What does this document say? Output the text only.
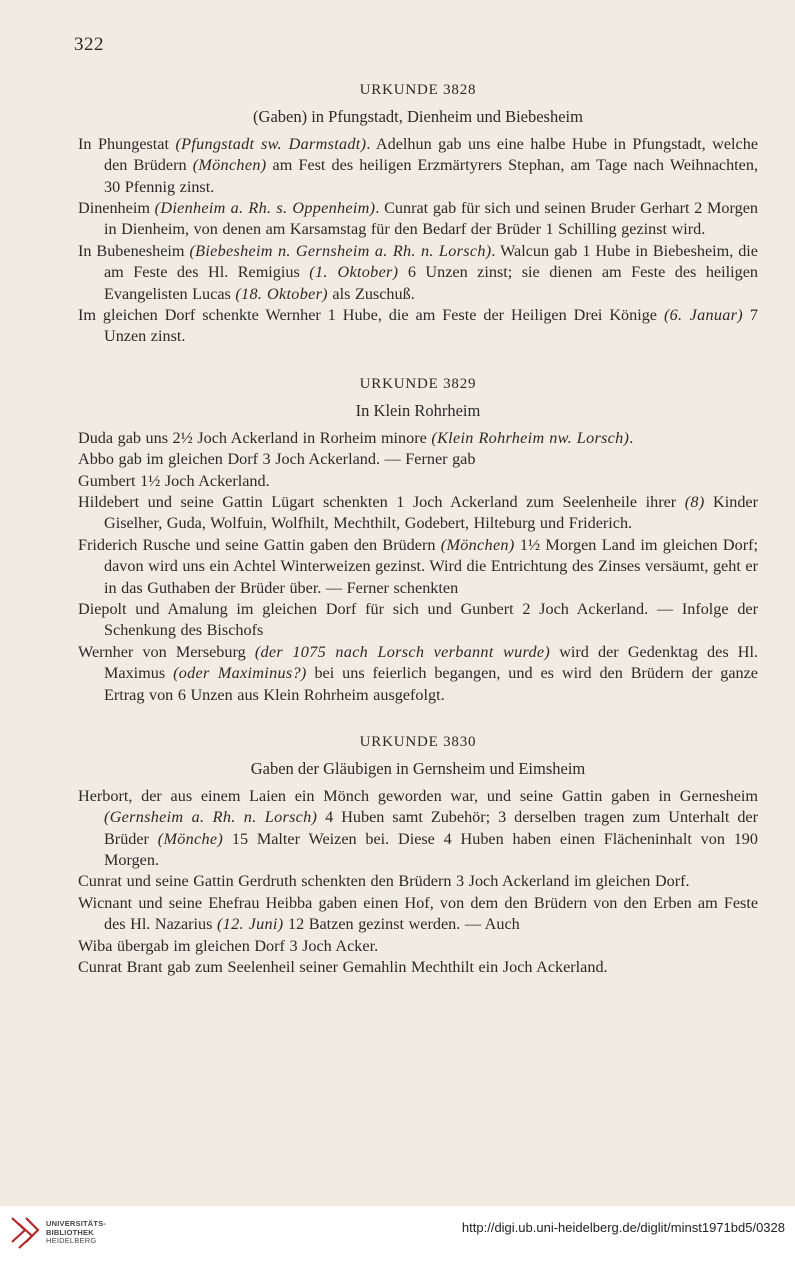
322
URKUNDE 3828
(Gaben) in Pfungstadt, Dienheim und Biebesheim

In Phungestat (Pfungstadt sw. Darmstadt). Adelhun gab uns eine halbe Hube in Pfungstadt, welche den Brüdern (Mönchen) am Fest des heiligen Erzmärtyrers Stephan, am Tage nach Weihnachten, 30 Pfennig zinst.

Dinenheim (Dienheim a. Rh. s. Oppenheim). Cunrat gab für sich und seinen Bruder Gerhart 2 Morgen in Dienheim, von denen am Karsamstag für den Bedarf der Brüder 1 Schilling gezinst wird.

In Bubenesheim (Biebesheim n. Gernsheim a. Rh. n. Lorsch). Walcun gab 1 Hube in Biebesheim, die am Feste des Hl. Remigius (1. Oktober) 6 Unzen zinst; sie dienen am Feste des heiligen Evangelisten Lucas (18. Oktober) als Zuschuß.

Im gleichen Dorf schenkte Wernher 1 Hube, die am Feste der Heiligen Drei Könige (6. Januar) 7 Unzen zinst.

URKUNDE 3829
In Klein Rohrheim

Duda gab uns 2½ Joch Ackerland in Rorheim minore (Klein Rohrheim nw. Lorsch).

Abbo gab im gleichen Dorf 3 Joch Ackerland. — Ferner gab

Gumbert 1½ Joch Ackerland.

Hildebert und seine Gattin Lügart schenkten 1 Joch Ackerland zum Seelenheile ihrer (8) Kinder Giselher, Guda, Wolfuin, Wolfhilt, Mechthilt, Godebert, Hilteburg und Friderich.

Friderich Rusche und seine Gattin gaben den Brüdern (Mönchen) 1½ Morgen Land im gleichen Dorf; davon wird uns ein Achtel Winterweizen gezinst. Wird die Entrichtung des Zinses versäumt, geht er in das Guthaben der Brüder über. — Ferner schenkten

Diepolt und Amalung im gleichen Dorf für sich und Gunbert 2 Joch Ackerland. — Infolge der Schenkung des Bischofs

Wernher von Merseburg (der 1075 nach Lorsch verbannt wurde) wird der Gedenktag des Hl. Maximus (oder Maximinus?) bei uns feierlich begangen, und es wird den Brüdern der ganze Ertrag von 6 Unzen aus Klein Rohrheim ausgefolgt.

URKUNDE 3830
Gaben der Gläubigen in Gernsheim und Eimsheim

Herbort, der aus einem Laien ein Mönch geworden war, und seine Gattin gaben in Gernesheim (Gernsheim a. Rh. n. Lorsch) 4 Huben samt Zubehör; 3 derselben tragen zum Unterhalt der Brüder (Mönche) 15 Malter Weizen bei. Diese 4 Huben haben einen Flächeninhalt von 190 Morgen.

Cunrat und seine Gattin Gerdruth schenkten den Brüdern 3 Joch Ackerland im gleichen Dorf.

Wicnant und seine Ehefrau Heibba gaben einen Hof, von dem den Brüdern von den Erben am Feste des Hl. Nazarius (12. Juni) 12 Batzen gezinst werden. — Auch

Wiba übergab im gleichen Dorf 3 Joch Acker.

Cunrat Brant gab zum Seelenheil seiner Gemahlin Mechthilt ein Joch Ackerland.

UNIVERSITÄTS-
BIBLIOTHEK
HEIDELBERG
http://digi.ub.uni-heidelberg.de/diglit/minst1971bd5/0328
